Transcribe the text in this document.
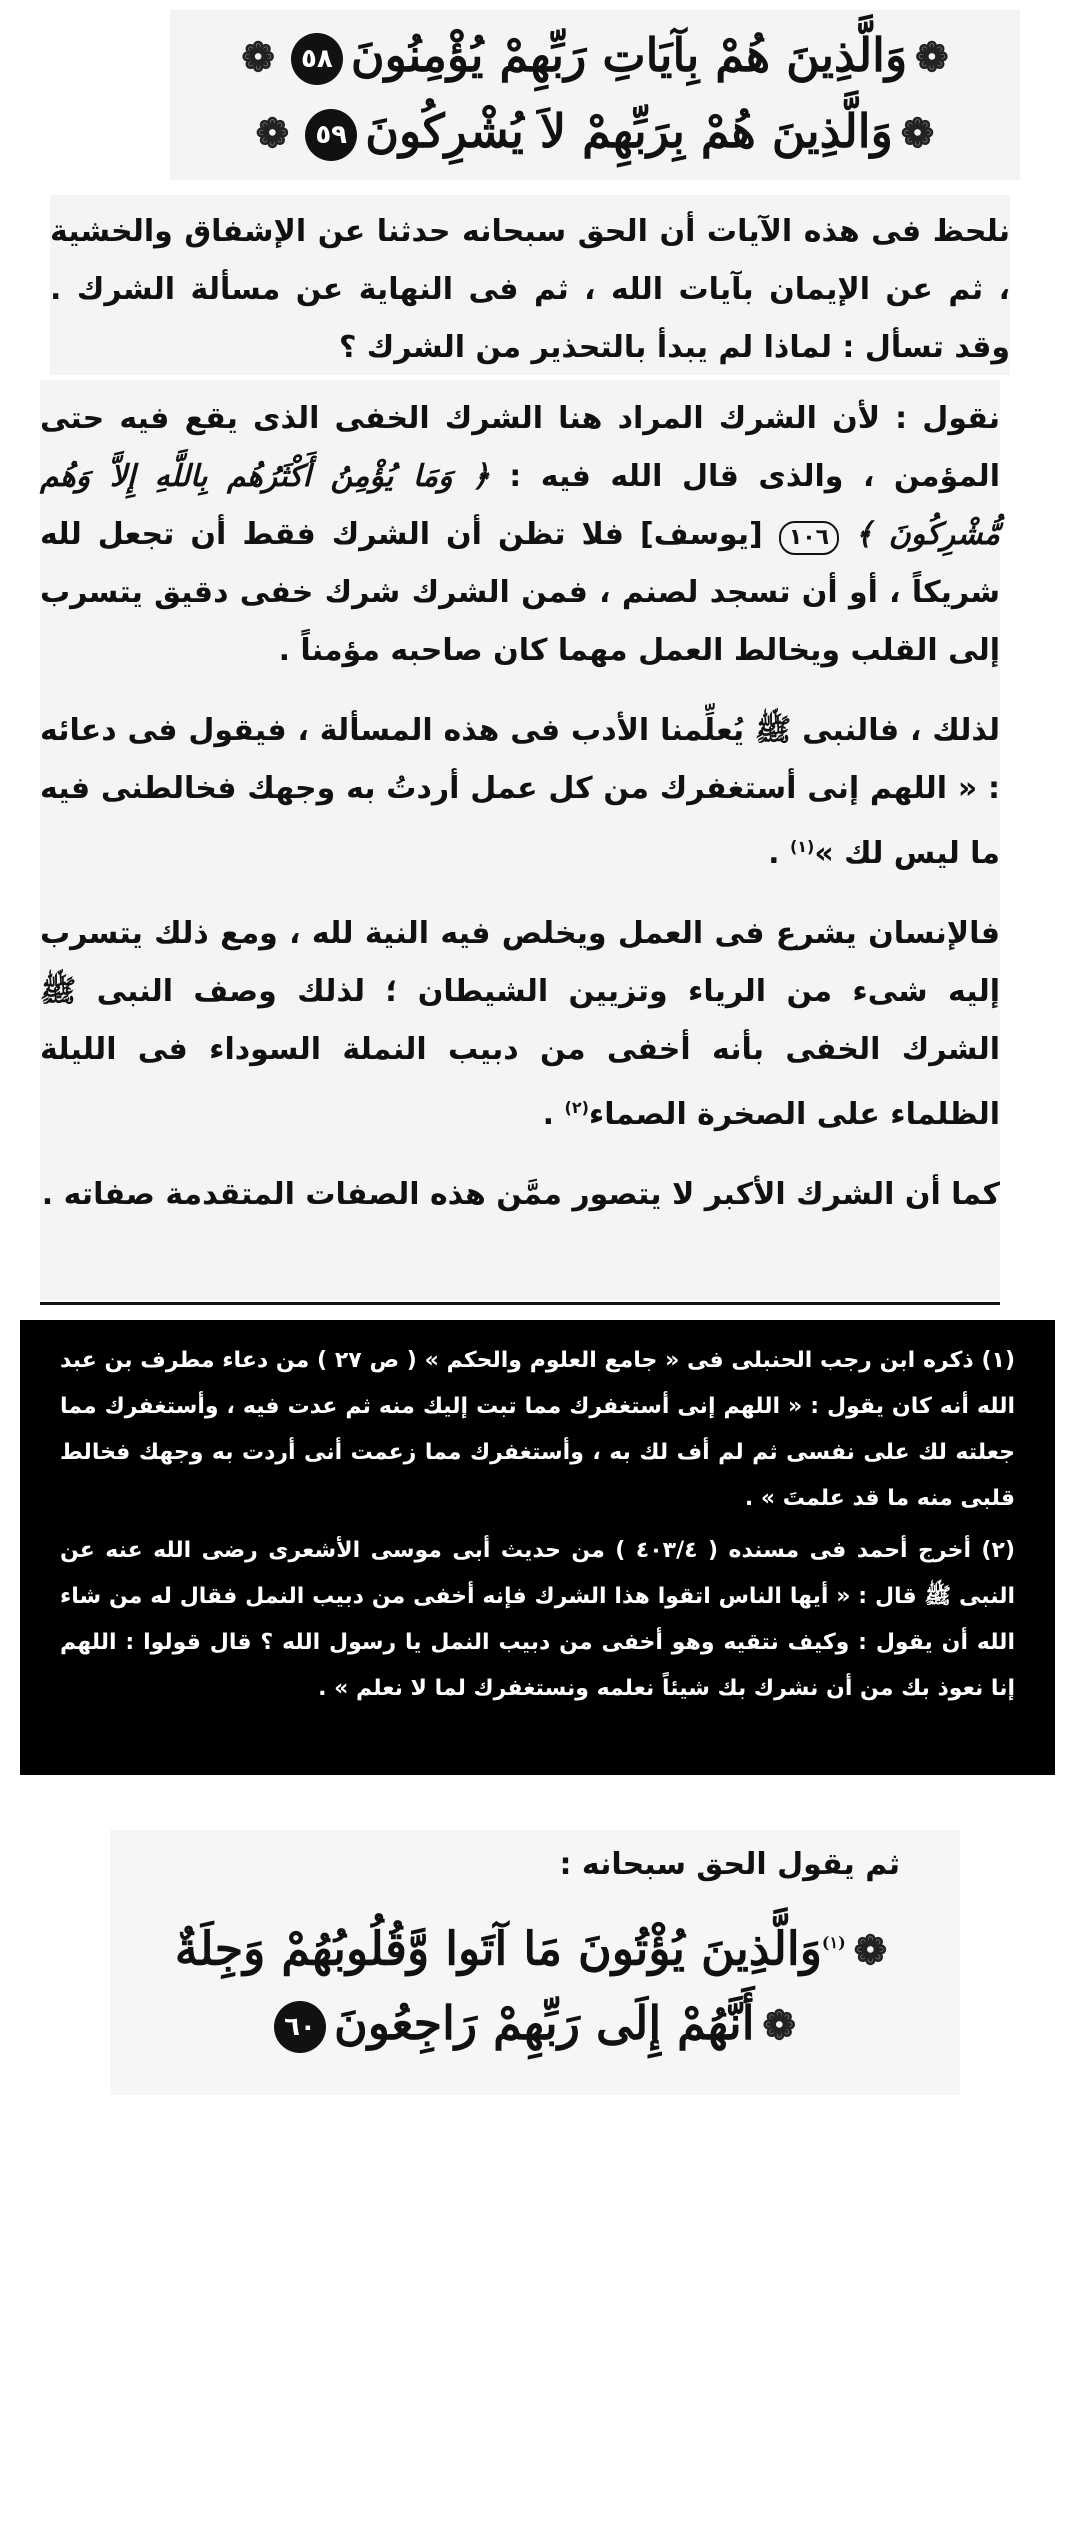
❁وَالَّذِينَ هُمْ بِآيَاتِ رَبِّهِمْ يُؤْمِنُونَ٥٨❁
❁وَالَّذِينَ هُمْ بِرَبِّهِمْ لاَ يُشْرِكُونَ٥٩❁

نلحظ فى هذه الآيات أن الحق سبحانه حدثنا عن الإشفاق والخشية ، ثم عن الإيمان بآيات الله ، ثم فى النهاية عن مسألة الشرك . وقد تسأل : لماذا لم يبدأ بالتحذير من الشرك ؟

نقول : لأن الشرك المراد هنا الشرك الخفى الذى يقع فيه حتى المؤمن ، والذى قال الله فيه : ﴿ وَمَا يُؤْمِنُ أَكْثَرُهُم بِاللَّهِ إِلاَّ وَهُم مُّشْرِكُونَ ﴾ ١٠٦ [يوسف] فلا تظن أن الشرك فقط أن تجعل لله شريكاً ، أو أن تسجد لصنم ، فمن الشرك شرك خفى دقيق يتسرب إلى القلب ويخالط العمل مهما كان صاحبه مؤمناً .

لذلك ، فالنبى ﷺ يُعلِّمنا الأدب فى هذه المسألة ، فيقول فى دعائه : « اللهم إنى أستغفرك من كل عمل أردتُ به وجهك فخالطنى فيه ما ليس لك »$^{(١)}$ .

فالإنسان يشرع فى العمل ويخلص فيه النية لله ، ومع ذلك يتسرب إليه شىء من الرياء وتزيين الشيطان ؛ لذلك وصف النبى ﷺ الشرك الخفى بأنه أخفى من دبيب النملة السوداء فى الليلة الظلماء على الصخرة الصماء$^{(٢)}$ .

كما أن الشرك الأكبر لا يتصور ممَّن هذه الصفات المتقدمة صفاته .

(١) ذكره ابن رجب الحنبلى فى « جامع العلوم والحكم » ( ص ٢٧ ) من دعاء مطرف بن عبد الله أنه كان يقول : « اللهم إنى أستغفرك مما تبت إليك منه ثم عدت فيه ، وأستغفرك مما جعلته لك على نفسى ثم لم أف لك به ، وأستغفرك مما زعمت أنى أردت به وجهك فخالط قلبى منه ما قد علمتَ » .

(٢) أخرج أحمد فى مسنده ( ٤٠٣/٤ ) من حديث أبى موسى الأشعرى رضى الله عنه عن النبى ﷺ قال : « أيها الناس اتقوا هذا الشرك فإنه أخفى من دبيب النمل فقال له من شاء الله أن يقول : وكيف نتقيه وهو أخفى من دبيب النمل يا رسول الله ؟ قال قولوا : اللهم إنا نعوذ بك من أن نشرك بك شيئاً نعلمه ونستغفرك لما لا نعلم » .

ثم يقول الحق سبحانه :
❁$^{(١)}$وَالَّذِينَ يُؤْتُونَ مَا آتَوا وَّقُلُوبُهُمْ وَجِلَةٌ
❁أَنَّهُمْ إِلَى رَبِّهِمْ رَاجِعُونَ٦٠
